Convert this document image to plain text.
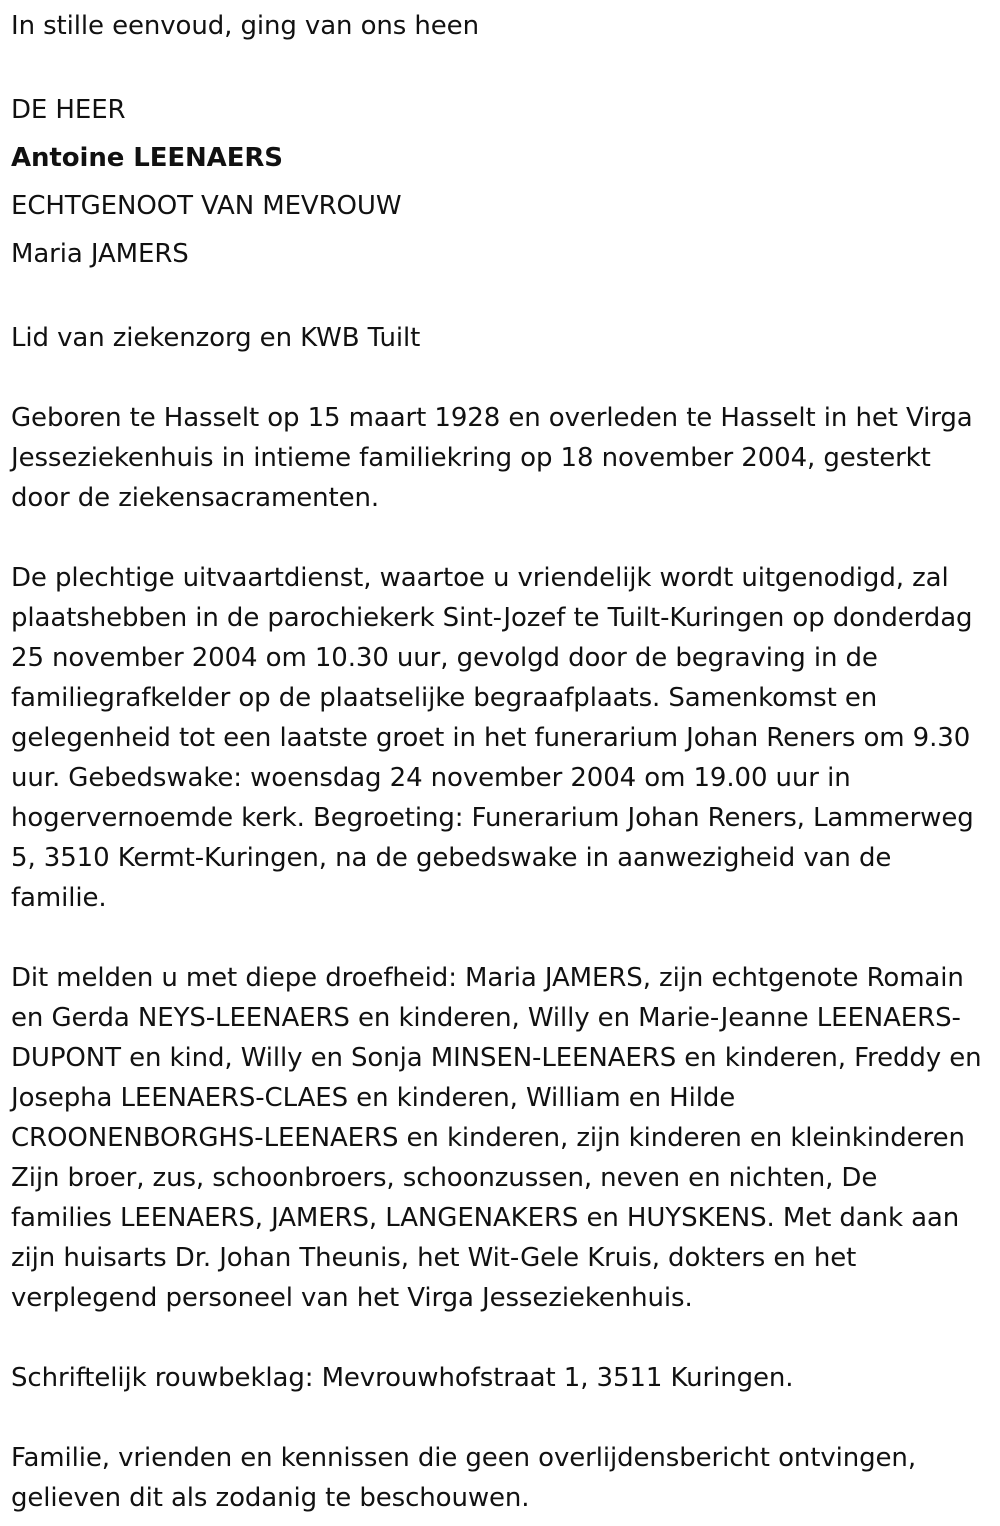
In stille eenvoud, ging van ons heen
DE HEER
Antoine LEENAERS
ECHTGENOOT VAN MEVROUW
Maria JAMERS
Lid van ziekenzorg en KWB Tuilt

Geboren te Hasselt op 15 maart 1928 en overleden te Hasselt in het Virga Jesseziekenhuis in intieme familiekring op 18 november 2004, gesterkt door de ziekensacramenten.

De plechtige uitvaartdienst, waartoe u vriendelijk wordt uitgenodigd, zal plaatshebben in de parochiekerk Sint-Jozef te Tuilt-Kuringen op donderdag 25 november 2004 om 10.30 uur, gevolgd door de begraving in de familiegrafkelder op de plaatselijke begraafplaats. Samenkomst en gelegenheid tot een laatste groet in het funerarium Johan Reners om 9.30 uur. Gebedswake: woensdag 24 november 2004 om 19.00 uur in hogervernoemde kerk. Begroeting: Funerarium Johan Reners, Lammerweg 5, 3510 Kermt-Kuringen, na de gebedswake in aanwezigheid van de familie.

Dit melden u met diepe droefheid: Maria JAMERS, zijn echtgenote Romain en Gerda NEYS-LEENAERS en kinderen, Willy en Marie-Jeanne LEENAERS-DUPONT en kind, Willy en Sonja MINSEN-LEENAERS en kinderen, Freddy en Josepha LEENAERS-CLAES en kinderen, William en Hilde CROONENBORGHS-LEENAERS en kinderen, zijn kinderen en kleinkinderen Zijn broer, zus, schoonbroers, schoonzussen, neven en nichten, De families LEENAERS, JAMERS, LANGENAKERS en HUYSKENS. Met dank aan zijn huisarts Dr. Johan Theunis, het Wit-Gele Kruis, dokters en het verplegend personeel van het Virga Jesseziekenhuis.

Schriftelijk rouwbeklag: Mevrouwhofstraat 1, 3511 Kuringen.

Familie, vrienden en kennissen die geen overlijdensbericht ontvingen, gelieven dit als zodanig te beschouwen.
